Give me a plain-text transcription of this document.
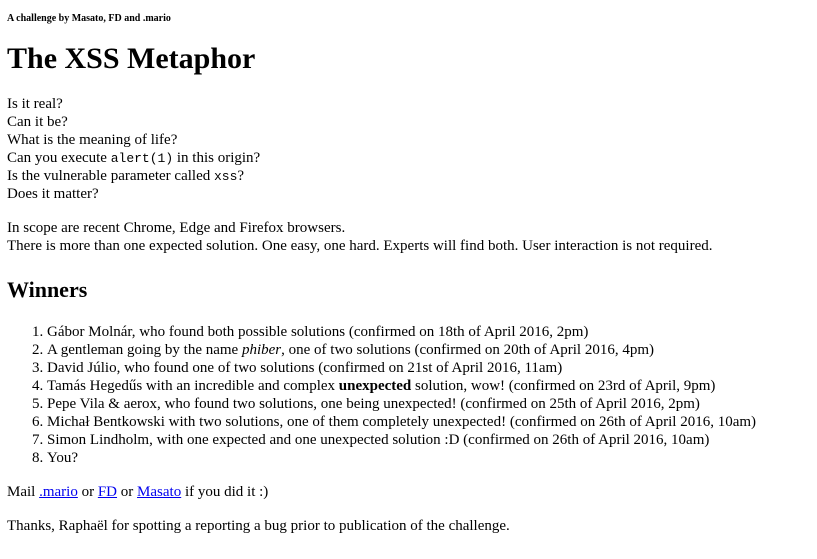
A challenge by Masato, FD and .mario
The XSS Metaphor
Is it real?
Can it be?
What is the meaning of life?
Can you execute alert(1) in this origin?
Is the vulnerable parameter called xss?
Does it matter?
In scope are recent Chrome, Edge and Firefox browsers.
There is more than one expected solution. One easy, one hard. Experts will find both. User interaction is not required.
Winners
1. Gábor Molnár, who found both possible solutions (confirmed on 18th of April 2016, 2pm)
2. A gentleman going by the name phiber, one of two solutions (confirmed on 20th of April 2016, 4pm)
3. David Júlio, who found one of two solutions (confirmed on 21st of April 2016, 11am)
4. Tamás Hegedűs with an incredible and complex unexpected solution, wow! (confirmed on 23rd of April, 9pm)
5. Pepe Vila & aerox, who found two solutions, one being unexpected! (confirmed on 25th of April 2016, 2pm)
6. Michał Bentkowski with two solutions, one of them completely unexpected! (confirmed on 26th of April 2016, 10am)
7. Simon Lindholm, with one expected and one unexpected solution :D (confirmed on 26th of April 2016, 10am)
8. You?
Mail .mario or FD or Masato if you did it :)
Thanks, Raphaël for spotting a reporting a bug prior to publication of the challenge.
